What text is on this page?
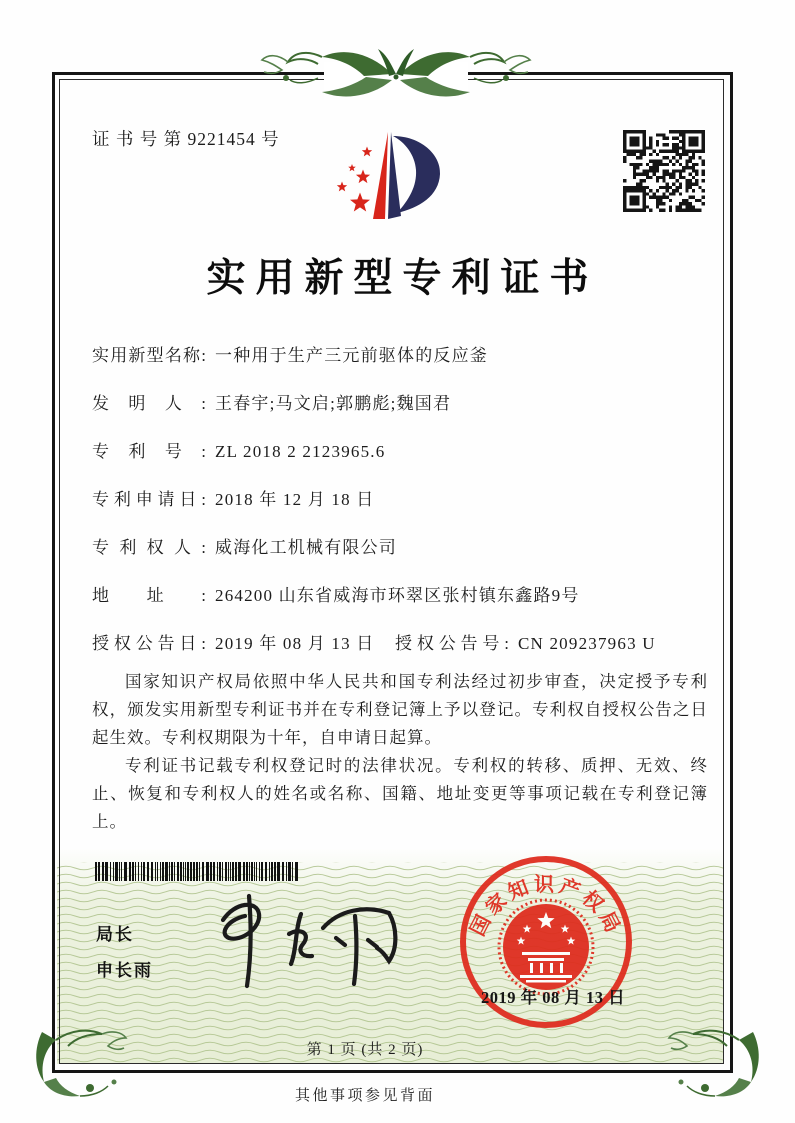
证 书 号 第 9221454 号
实用新型专利证书
实 用 新 型 名 称 : 一种用于生产三元前驱体的反应釜
发 明 人 : 王春宇;马文启;郭鹏彪;魏国君
专 利 号 : ZL 2018 2 2123965.6
专 利 申 请 日 : 2018 年 12 月 18 日
专 利 权 人 : 威海化工机械有限公司
地 址 : 264200 山东省威海市环翠区张村镇东鑫路9号
授 权 公 告 日 : 2019 年 08 月 13 日 授 权 公 告 号 : CN 209237963 U

国家知识产权局依照中华人民共和国专利法经过初步审查，决定授予专利权，颁发实用新型专利证书并在专利登记簿上予以登记。专利权自授权公告之日起生效。专利权期限为十年，自申请日起算。

专利证书记载专利权登记时的法律状况。专利权的转移、质押、无效、终止、恢复和专利权人的姓名或名称、国籍、地址变更等事项记载在专利登记簿上。

局长
申长雨
国家知识产权局
2019 年 08 月 13 日
第 1 页 (共 2 页)
其他事项参见背面
